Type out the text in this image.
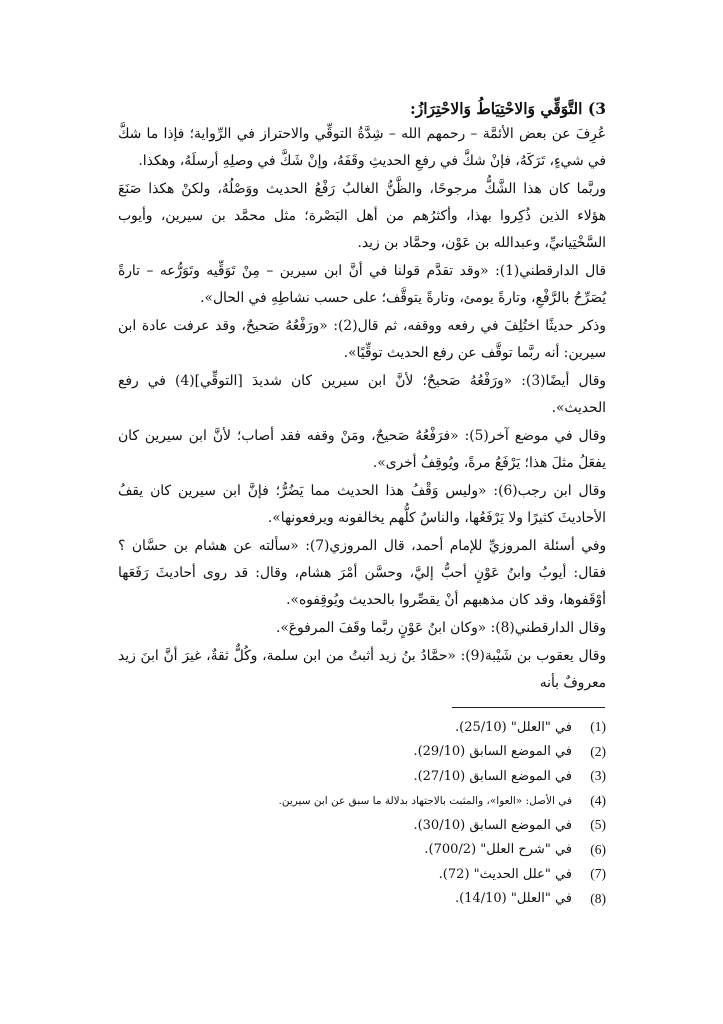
3) التَّوَقِّي وَالاحْتِيَاطُ وَالاحْتِرَازُ:

عُرِفَ عن بعض الأئمَّة – رحمهم الله – شِدَّةُ التوقِّي والاحتراز في الرِّواية؛ فإذا ما شكَّ في شيءٍ، تَرَكَهُ، فإنْ شكَّ في رفعِ الحديثِ وقَفَهُ، وإنْ شَكَّ في وصلِهِ أرسلَهُ، وهكذا.

وربَّما كان هذا الشَّكُّ مرجوحًا، والظَّنُّ الغالبُ رَفْعُ الحديث ووَصْلُهُ، ولكنْ هكذا صَنَعَ هؤلاء الذين ذُكِروا بهذا، وأكثرُهم من أهل البَصْرة؛ مثل محمَّد بن سيرين، وأيوب السَّخْتِيانيِّ، وعبدالله بن عَوْن، وحمَّاد بن زيد.

قال الدارقطني(1): «وقد تقدَّم قولنا في أنَّ ابن سيرين – مِنْ تَوَقِّيه وتَوَرُّعه – تارةً يُصَرِّحُ بالرَّفْعِ، وتارةً يومئ، وتارةً يتوقَّف؛ على حسب نشاطِهِ في الحال».

وذكر حديثًا اختُلِفَ في رفعه ووقفه، ثم قال(2): «ورَفْعُهُ صَحيحٌ، وقد عرفت عادة ابن سيرين: أنه ربَّما توقَّف عن رفع الحديث توقِّيًا».

وقال أيضًا(3): «ورَفْعُهُ صَحيحٌ؛ لأنَّ ابن سيرين كان شديدَ [التوقِّي](4) في رفع الحديث».

وقال في موضع آخر(5): «فرَفْعُهُ صَحيحٌ، ومَنْ وقفه فقد أصاب؛ لأنَّ ابن سيرين كان يفعَلُ مثلَ هذا؛ يَرْفَعُ مرةً، ويُوقِفُ أخرى».

وقال ابن رجب(6): «وليس وَقْفُ هذا الحديث مما يَضُرُّ؛ فإنَّ ابن سيرين كان يقفُ الأحاديثَ كثيرًا ولا يَرْفَعُها، والناسُ كلُّهم يخالفونه ويرفعونها».

وفي أسئلة المروزيِّ للإمام أحمد، قال المروزي(7): «سألته عن هشام بن حسَّان ؟ فقال: أيوبُ وابنُ عَوْنٍ أحبُّ إليَّ، وحسَّن أمْرَ هشام، وقال: قد روى أحاديثَ رَفَعَها أوْقَفوها، وقد كان مذهبهم أنْ يقصِّروا بالحديث ويُوقِفوه».

وقال الدارقطني(8): «وكان ابنُ عَوْنٍ ربَّما وقَفَ المرفوعَ».

وقال يعقوب بن شَيْبة(9): «حمَّادُ بنُ زيد أثبتُ من ابن سلمة، وكُلٌّ ثقةٌ، غيرَ أنَّ ابنَ زيد معروفٌ بأنه

(1)
في "العلل" (25/10).
(2)
في الموضع السابق (29/10).
(3)
في الموضع السابق (27/10).
(4)
في الأصل: «العوا»، والمثبت بالاجتهاد بدلالة ما سبق عن ابن سيرين.
(5)
في الموضع السابق (30/10).
(6)
في "شرح العلل" (700/2).
(7)
في "علل الحديث" (72).
(8)
في "العلل" (14/10).
